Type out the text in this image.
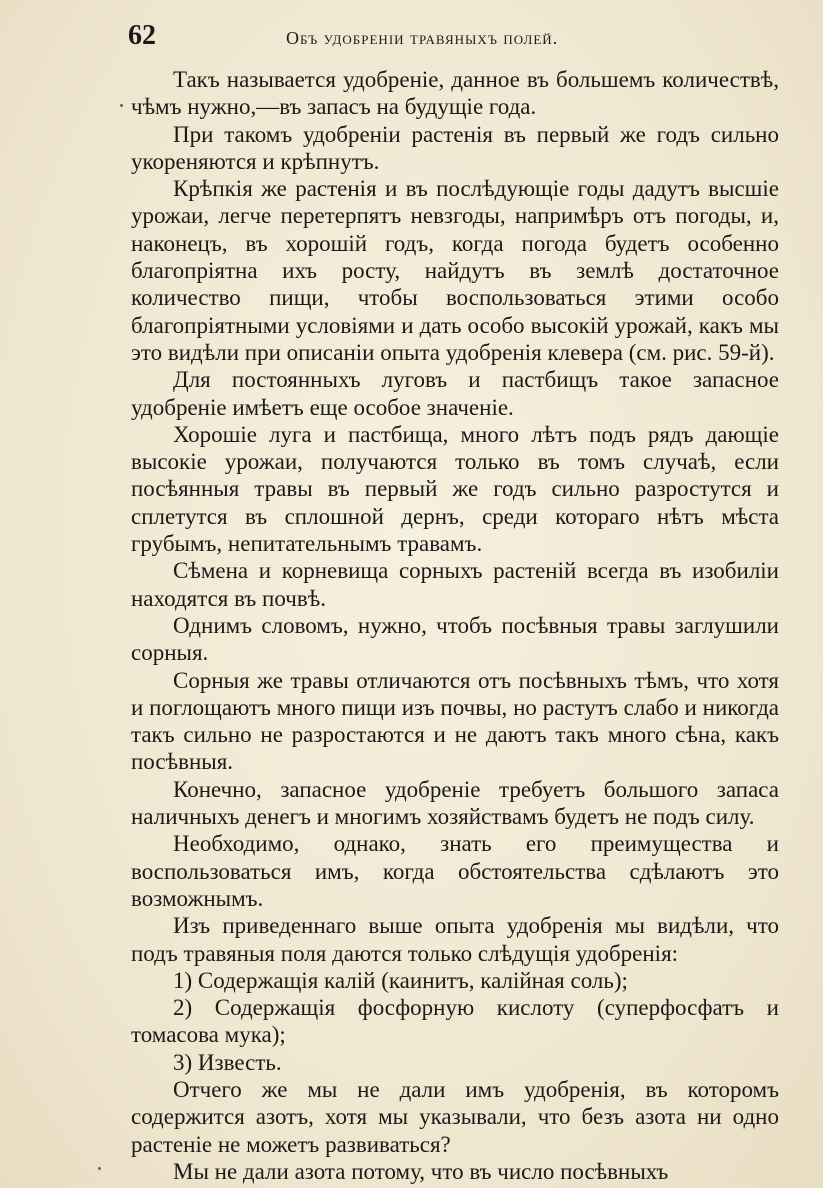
62	Объ удобреніи травяныхъ полей.

Такъ называется удобреніе, данное въ большемъ количествѣ, чѣмъ нужно,—въ запасъ на будущіе года.

При такомъ удобреніи растенія въ первый же годъ сильно укореняются и крѣпнутъ.

Крѣпкія же растенія и въ послѣдующіе годы дадутъ высшіе урожаи, легче перетерпятъ невзгоды, напримѣръ отъ погоды, и, наконецъ, въ хорошій годъ, когда погода будетъ особенно благопріятна ихъ росту, найдутъ въ землѣ достаточное количество пищи, чтобы воспользоваться этими особо благопріятными условіями и дать особо высокій урожай, какъ мы это видѣли при описаніи опыта удобренія клевера (см. рис. 59-й).

Для постоянныхъ луговъ и пастбищъ такое запасное удобреніе имѣетъ еще особое значеніе.

Хорошіе луга и пастбища, много лѣтъ подъ рядъ дающіе высокіе урожаи, получаются только въ томъ случаѣ, если посѣянныя травы въ первый же годъ сильно разростутся и сплетутся въ сплошной дернъ, среди котораго нѣтъ мѣста грубымъ, непитательнымъ травамъ.

Сѣмена и корневища сорныхъ растеній всегда въ изобиліи находятся въ почвѣ.

Однимъ словомъ, нужно, чтобъ посѣвныя травы заглушили сорныя.

Сорныя же травы отличаются отъ посѣвныхъ тѣмъ, что хотя и поглощаютъ много пищи изъ почвы, но растутъ слабо и никогда такъ сильно не разростаются и не даютъ такъ много сѣна, какъ посѣвныя.

Конечно, запасное удобреніе требуетъ большого запаса наличныхъ денегъ и многимъ хозяйствамъ будетъ не подъ силу.

Необходимо, однако, знать его преимущества и воспользоваться имъ, когда обстоятельства сдѣлаютъ это возможнымъ.

Изъ приведеннаго выше опыта удобренія мы видѣли, что подъ травяныя поля даются только слѣдущія удобренія:

1) Содержащія калій (каинитъ, калійная соль);

2) Содержащія фосфорную кислоту (суперфосфатъ и томасова мука);

3) Известь.

Отчего же мы не дали имъ удобренія, въ которомъ содержится азотъ, хотя мы указывали, что безъ азота ни одно растеніе не можетъ развиваться?

Мы не дали азота потому, что въ число посѣвныхъ
